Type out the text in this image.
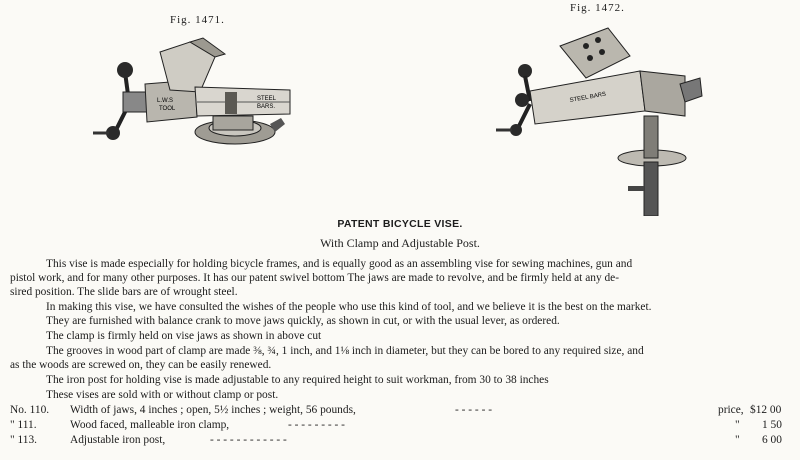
Fig. 1471.
Fig. 1472.
L.W.S
TOOL
STEEL
BARS.
STEEL BARS
PATENT BICYCLE VISE.
With Clamp and Adjustable Post.
This vise is made especially for holding bicycle frames, and is equally good as an assembling vise for sewing machines, gun and
pistol work, and for many other purposes. It has our patent swivel bottom The jaws are made to revolve, and be firmly held at any de-
sired position. The slide bars are of wrought steel.
In making this vise, we have consulted the wishes of the people who use this kind of tool, and we believe it is the best on the market.
They are furnished with balance crank to move jaws quickly, as shown in cut, or with the usual lever, as ordered.
The clamp is firmly held on vise jaws as shown in above cut
The grooves in wood part of clamp are made ⅜, ¾, 1 inch, and 1⅛ inch in diameter, but they can be bored to any required size, and
as the woods are screwed on, they can be easily renewed.
The iron post for holding vise is made adjustable to any required height to suit workman, from 30 to 38 inches
These vises are sold with or without clamp or post.
No. 110. Width of jaws, 4 inches ; open, 5½ inches ; weight, 56 pounds,	- - - - - -	price, $12 00
" 111.	Wood faced, malleable iron clamp,	- - - - - - - - -	" 1 50
" 113.	Adjustable iron post,	- - - - - - - - - - - -	" 6 00
